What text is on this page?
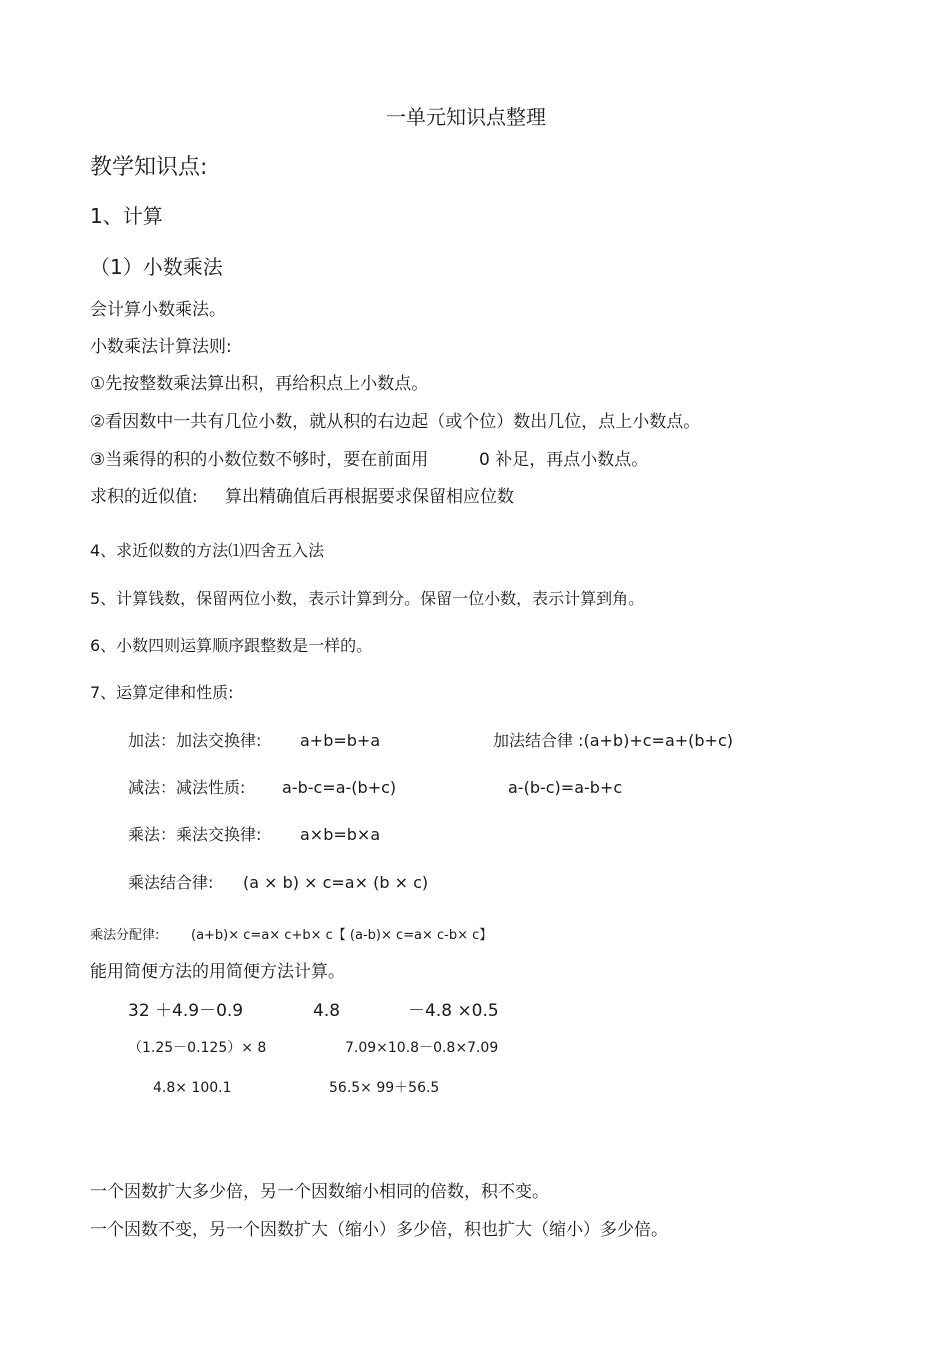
一单元知识点整理
教学知识点:
1、计算
（1）小数乘法
会计算小数乘法。
小数乘法计算法则:
①先按整数乘法算出积，再给积点上小数点。
②看因数中一共有几位小数，就从积的右边起（或个位）数出几位，点上小数点。
③当乘得的积的小数位数不够时，要在前面用	0 补足，再点小数点。
求积的近似值: 算出精确值后再根据要求保留相应位数
4、求近似数的方法⑴四舍五入法
5、计算钱数，保留两位小数，表示计算到分。保留一位小数，表示计算到角。
6、小数四则运算顺序跟整数是一样的。
7、运算定律和性质:
加法：加法交换律: a+b=b+a	加法结合律 :(a+b)+c=a+(b+c)
减法：减法性质: a-b-c=a-(b+c)	a-(b-c)=a-b+c
乘法：乘法交换律: a×b=b×a
乘法结合律: (a × b) × c=a× (b × c)
乘法分配律: (a+b)× c=a× c+b× c【 (a-b)× c=a× c-b× c】
能用简便方法的用简便方法计算。
32 ＋4.9－0.9	4.8	－4.8 ×0.5
（1.25－0.125）× 8	7.09×10.8－0.8×7.09
4.8× 100.1	56.5× 99＋56.5
一个因数扩大多少倍，另一个因数缩小相同的倍数，积不变。
一个因数不变，另一个因数扩大（缩小）多少倍，积也扩大（缩小）多少倍。
